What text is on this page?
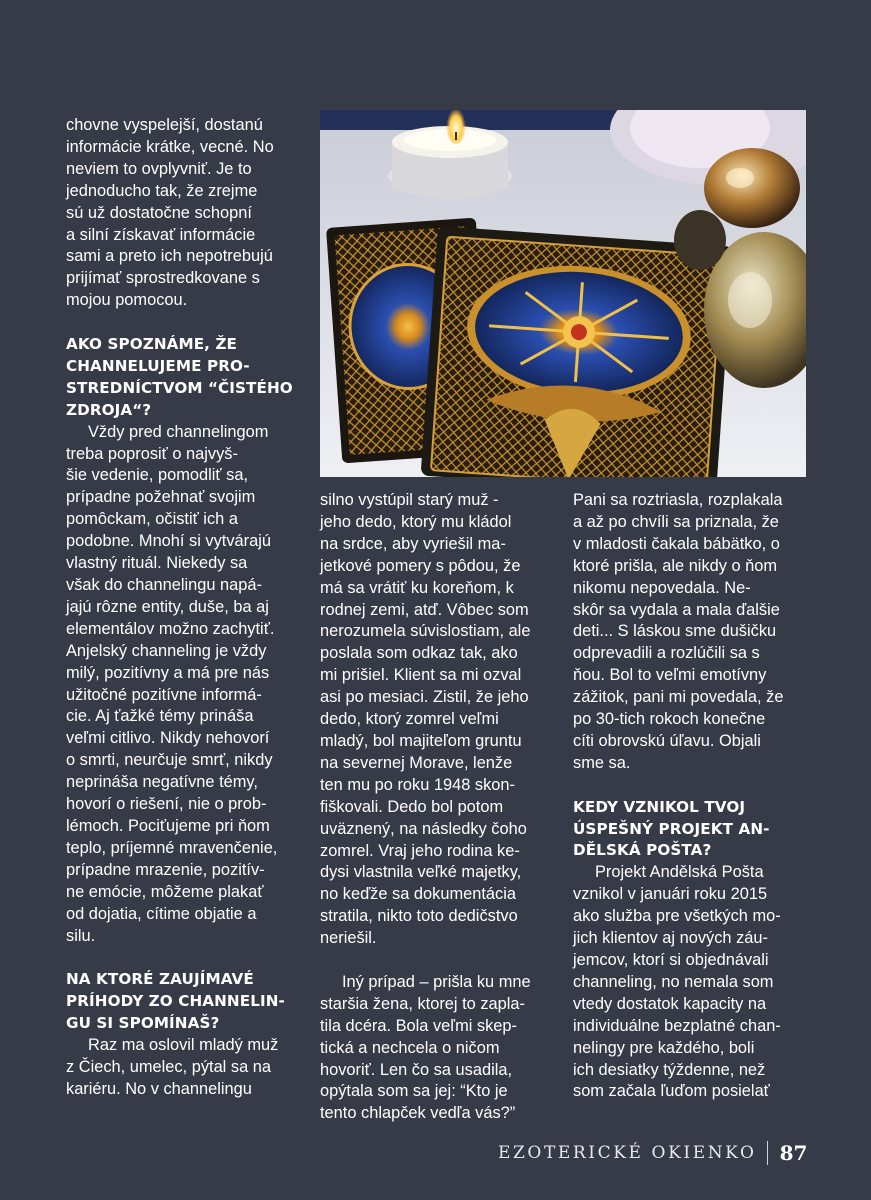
chovne vyspelejší, dostanú

informácie krátke, vecné. No

neviem to ovplyvniť. Je to

jednoducho tak, že zrejme

sú už dostatočne schopní

a silní získavať informácie

sami a preto ich nepotrebujú

prijímať sprostredkovane s

mojou pomocou.

AKO SPOZNÁME, ŽE
CHANNELUJEME PRO-
STREDNÍCTVOM “ČISTÉHO
ZDROJA“?

Vždy pred channelingom

treba poprosiť o najvyš-

šie vedenie, pomodliť sa,

prípadne požehnať svojim

pomôckam, očistiť ich a

podobne. Mnohí si vytvárajú

vlastný rituál. Niekedy sa

však do channelingu napá-

jajú rôzne entity, duše, ba aj

elementálov možno zachytiť.

Anjelský channeling je vždy

milý, pozitívny a má pre nás

užitočné pozitívne informá-

cie. Aj ťažké témy prináša

veľmi citlivo. Nikdy nehovorí

o smrti, neurčuje smrť, nikdy

neprináša negatívne témy,

hovorí o riešení, nie o prob-

lémoch. Pociťujeme pri ňom

teplo, príjemné mravenčenie,

prípadne mrazenie, pozitív-

ne emócie, môžeme plakať

od dojatia, cítime objatie a

silu.

NA KTORÉ ZAUJÍMAVÉ
PRÍHODY ZO CHANNELIN-
GU SI SPOMÍNAŠ?

Raz ma oslovil mladý muž

z Čiech, umelec, pýtal sa na

kariéru. No v channelingu

silno vystúpil starý muž -

jeho dedo, ktorý mu kládol

na srdce, aby vyriešil ma-

jetkové pomery s pôdou, že

má sa vrátiť ku koreňom, k

rodnej zemi, atď. Vôbec som

nerozumela súvislostiam, ale

poslala som odkaz tak, ako

mi prišiel. Klient sa mi ozval

asi po mesiaci. Zistil, že jeho

dedo, ktorý zomrel veľmi

mladý, bol majiteľom gruntu

na severnej Morave, lenže

ten mu po roku 1948 skon-

fiškovali. Dedo bol potom

uväznený, na následky čoho

zomrel. Vraj jeho rodina ke-

dysi vlastnila veľké majetky,

no keďže sa dokumentácia

stratila, nikto toto dedičstvo

neriešil.

Iný prípad – prišla ku mne

staršia žena, ktorej to zapla-

tila dcéra. Bola veľmi skep-

tická a nechcela o ničom

hovoriť. Len čo sa usadila,

opýtala som sa jej: “Kto je

tento chlapček vedľa vás?”

Pani sa roztriasla, rozplakala

a až po chvíli sa priznala, že

v mladosti čakala bábätko, o

ktoré prišla, ale nikdy o ňom

nikomu nepovedala. Ne-

skôr sa vydala a mala ďalšie

deti... S láskou sme dušičku

odprevadili a rozlúčili sa s

ňou. Bol to veľmi emotívny

zážitok, pani mi povedala, že

po 30-tich rokoch konečne

cíti obrovskú úľavu. Objali

sme sa.

KEDY VZNIKOL TVOJ
ÚSPEŠNÝ PROJEKT AN-
DĚLSKÁ POŠTA?

Projekt Andělská Pošta

vznikol v januári roku 2015

ako služba pre všetkých mo-

jich klientov aj nových záu-

jemcov, ktorí si objednávali

channeling, no nemala som

vtedy dostatok kapacity na

individuálne bezplatné chan-

nelingy pre každého, boli

ich desiatky týždenne, než

som začala ľuďom posielať

EZOTERICKÉ OKIENKO 87
